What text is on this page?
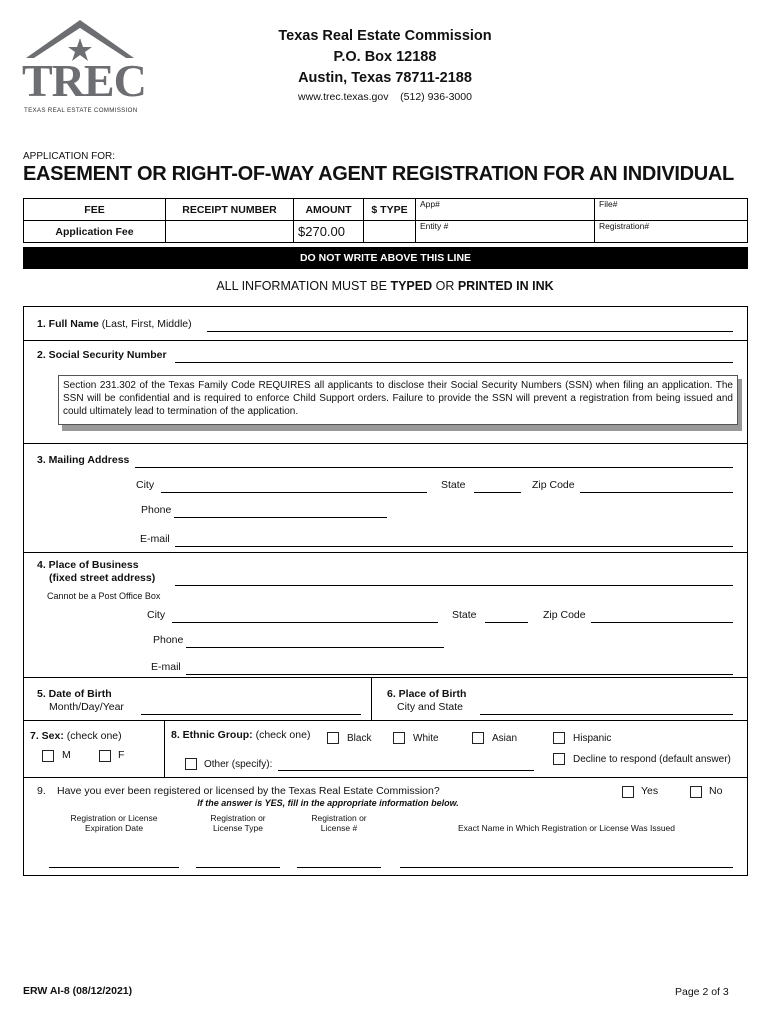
TREC
TEXAS REAL ESTATE COMMISSION
Texas Real Estate Commission
P.O. Box 12188
Austin, Texas 78711-2188
www.trec.texas.gov    (512) 936-3000
APPLICATION FOR:
EASEMENT OR RIGHT-OF-WAY AGENT REGISTRATION FOR AN INDIVIDUAL
FEE	RECEIPT NUMBER	AMOUNT	$ TYPE	App#	File#
Application Fee		$270.00		Entity #	Registration#
DO NOT WRITE ABOVE THIS LINE
ALL INFORMATION MUST BE TYPED OR PRINTED IN INK
1. Full Name (Last, First, Middle)
2. Social Security Number
Section 231.302 of the Texas Family Code REQUIRES all applicants to disclose their Social Security Numbers (SSN) when filing an application. The SSN will be confidential and is required to enforce Child Support orders. Failure to provide the SSN will prevent a registration from being issued and could ultimately lead to termination of the application.
3. Mailing Address
City	State	Zip Code
Phone
E-mail
4. Place of Business
(fixed street address)
Cannot be a Post Office Box
City	State	Zip Code
Phone
E-mail
5. Date of Birth
Month/Day/Year
6. Place of Birth
City and State
7. Sex: (check one)
M	F
8. Ethnic Group: (check one)	Black	White	Asian	Hispanic
Other (specify):	Decline to respond (default answer)
9. Have you ever been registered or licensed by the Texas Real Estate Commission?
If the answer is YES, fill in the appropriate information below.
Yes	No
Registration or License
Expiration Date
Registration or
License Type
Registration or
License #	Exact Name in Which Registration or License Was Issued
ERW AI-8 (08/12/2021)	Page 2 of 3
